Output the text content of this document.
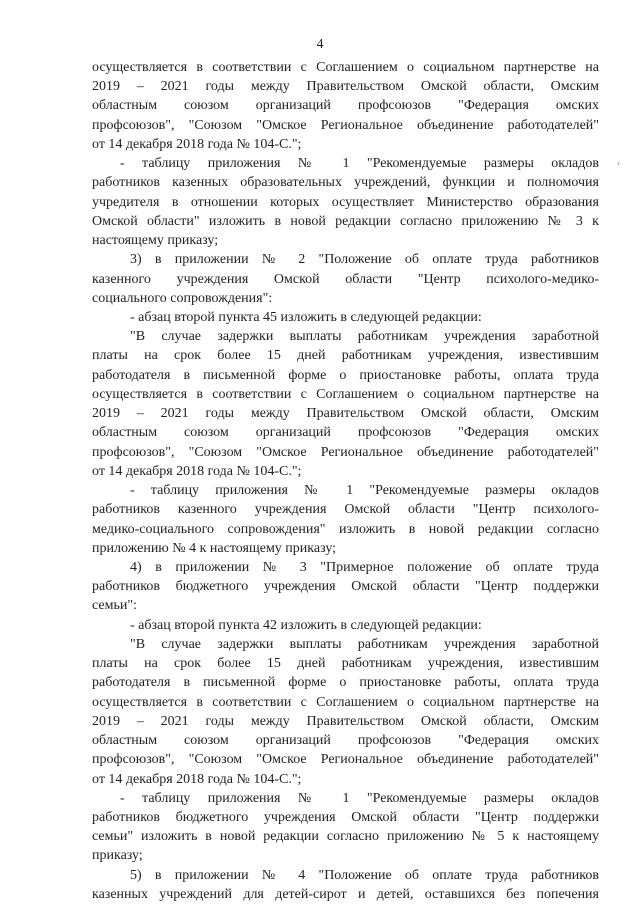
4
‹
осуществляется в соответствии с Соглашением о социальном партнерстве на
2019 – 2021 годы между Правительством Омской области, Омским
областным союзом организаций профсоюзов "Федерация омских
профсоюзов", "Союзом "Омское Региональное объединение работодателей"
от 14 декабря 2018 года № 104-С.";
- таблицу приложения № 1 "Рекомендуемые размеры окладов
работников казенных образовательных учреждений, функции и полномочия
учредителя в отношении которых осуществляет Министерство образования
Омской области" изложить в новой редакции согласно приложению № 3 к
настоящему приказу;
3) в приложении № 2 "Положение об оплате труда работников
казенного учреждения Омской области "Центр психолого-медико-
социального сопровождения":
- абзац второй пункта 45 изложить в следующей редакции:
"В случае задержки выплаты работникам учреждения заработной
платы на срок более 15 дней работникам учреждения, известившим
работодателя в письменной форме о приостановке работы, оплата труда
осуществляется в соответствии с Соглашением о социальном партнерстве на
2019 – 2021 годы между Правительством Омской области, Омским
областным союзом организаций профсоюзов "Федерация омских
профсоюзов", "Союзом "Омское Региональное объединение работодателей"
от 14 декабря 2018 года № 104-С.";
- таблицу приложения № 1 "Рекомендуемые размеры окладов
работников казенного учреждения Омской области "Центр психолого-
медико-социального сопровождения" изложить в новой редакции согласно
приложению № 4 к настоящему приказу;
4) в приложении № 3 "Примерное положение об оплате труда
работников бюджетного учреждения Омской области "Центр поддержки
семьи":
- абзац второй пункта 42 изложить в следующей редакции:
"В случае задержки выплаты работникам учреждения заработной
платы на срок более 15 дней работникам учреждения, известившим
работодателя в письменной форме о приостановке работы, оплата труда
осуществляется в соответствии с Соглашением о социальном партнерстве на
2019 – 2021 годы между Правительством Омской области, Омским
областным союзом организаций профсоюзов "Федерация омских
профсоюзов", "Союзом "Омское Региональное объединение работодателей"
от 14 декабря 2018 года № 104-С.";
- таблицу приложения № 1 "Рекомендуемые размеры окладов
работников бюджетного учреждения Омской области "Центр поддержки
семьи" изложить в новой редакции согласно приложению № 5 к настоящему
приказу;
5) в приложении № 4 "Положение об оплате труда работников
казенных учреждений для детей-сирот и детей, оставшихся без попечения
